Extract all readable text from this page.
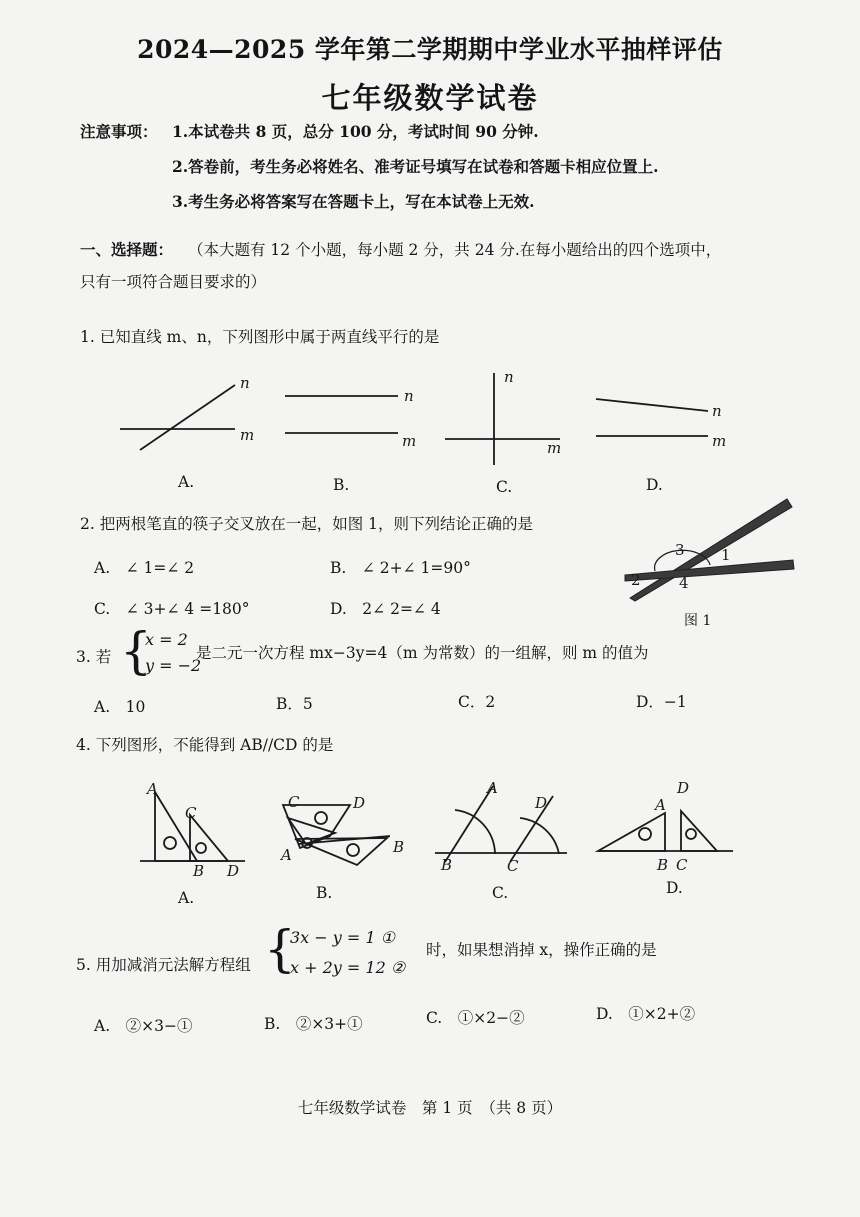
2024—2025 学年第二学期期中学业水平抽样评估
七年级数学试卷
注意事项： 1.本试卷共 8 页，总分 100 分，考试时间 90 分钟.
2.答卷前，考生务必将姓名、准考证号填写在试卷和答题卡相应位置上.
3.考生务必将答案写在答题卡上，写在本试卷上无效.
一、选择题： （本大题有 12 个小题，每小题 2 分，共 24 分.在每小题给出的四个选项中，
只有一项符合题目要求的）
1. 已知直线 m、n，下列图形中属于两直线平行的是
n
m
n
m
n
m
n
m
A.	B.	C.	D.
2. 把两根笔直的筷子交叉放在一起，如图 1，则下列结论正确的是
A.　∠ 1=∠ 2	B.　∠ 2+∠ 1=90°
C.　∠ 3+∠ 4 =180°	D.　2∠ 2=∠ 4
3 1
2	4
图 1
3. 若 {
x = 2
y = −2
是二元一次方程 mx−3y=4（m 为常数）的一组解，则 m 的值为
A.　10	B．5	C．2	D．−1
4. 下列图形，不能得到 AB//CD 的是
A
C
B D
C	D
A	B
A
D
B	C
D
A
B C
A.	B.	C.	D.
5. 用加减消元法解方程组 {
3x − y = 1 ①
x + 2y = 12 ②
时，如果想消掉 x，操作正确的是
A.　②×3−①	B.　②×3+①	C.　①×2−②	D.　①×2+②
七年级数学试卷　第 1 页　（共 8 页）
